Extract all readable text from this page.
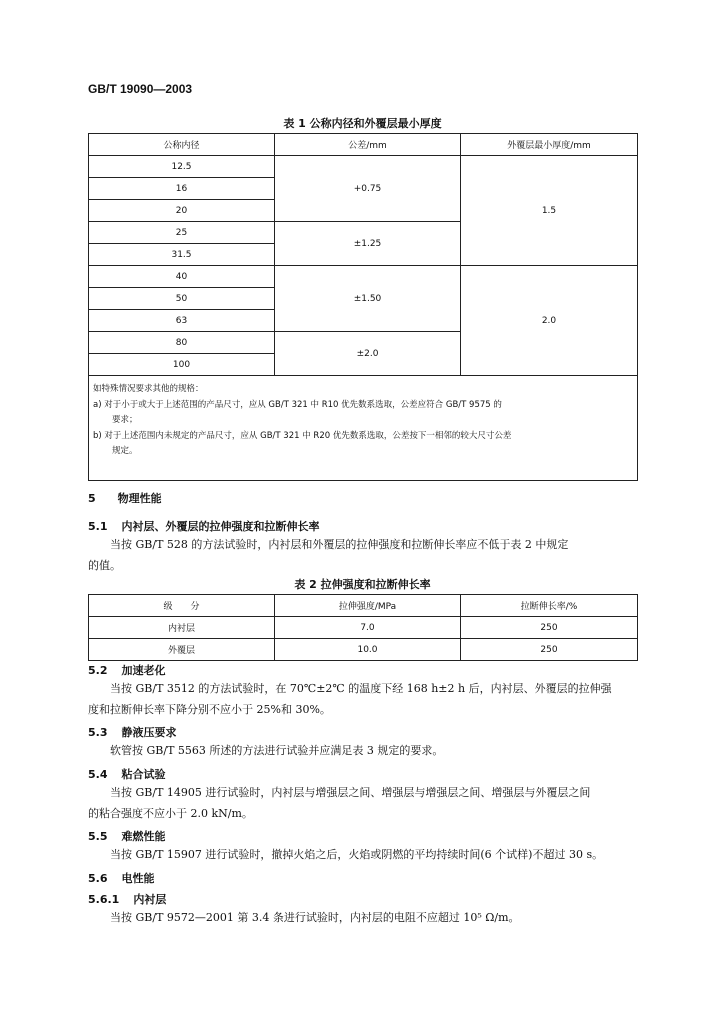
GB/T 19090—2003
表 1 公称内径和外覆层最小厚度
公称内径	公差/mm	外覆层最小厚度/mm
12.5	+0.75	1.5
16		
20		
25	±1.25	
31.5		
40	±1.50	2.0
50		
63		
80	±2.0	
100		

如特殊情况要求其他的规格：
a) 对于小于或大于上述范围的产品尺寸，应从 GB/T 321 中 R10 优先数系选取，公差应符合 GB/T 9575 的
要求；
b) 对于上述范围内未规定的产品尺寸，应从 GB/T 321 中 R20 优先数系选取，公差按下一相邻的较大尺寸公差
规定。		
5 物理性能
5.1 内衬层、外覆层的拉伸强度和拉断伸长率
当按 GB/T 528 的方法试验时，内衬层和外覆层的拉伸强度和拉断伸长率应不低于表 2 中规定
的值。
表 2 拉伸强度和拉断伸长率
级　　分	拉伸强度/MPa	拉断伸长率/%
内衬层	7.0	250
外覆层	10.0	250
5.2 加速老化
当按 GB/T 3512 的方法试验时，在 70℃±2℃ 的温度下经 168 h±2 h 后，内衬层、外覆层的拉伸强
度和拉断伸长率下降分别不应小于 25%和 30%。
5.3 静液压要求
软管按 GB/T 5563 所述的方法进行试验并应满足表 3 规定的要求。
5.4 粘合试验
当按 GB/T 14905 进行试验时，内衬层与增强层之间、增强层与增强层之间、增强层与外覆层之间
的粘合强度不应小于 2.0 kN/m。
5.5 难燃性能
当按 GB/T 15907 进行试验时，撤掉火焰之后，火焰或阴燃的平均持续时间(6 个试样)不超过 30 s。
5.6 电性能
5.6.1 内衬层
当按 GB/T 9572—2001 第 3.4 条进行试验时，内衬层的电阻不应超过 10⁵ Ω/m。
